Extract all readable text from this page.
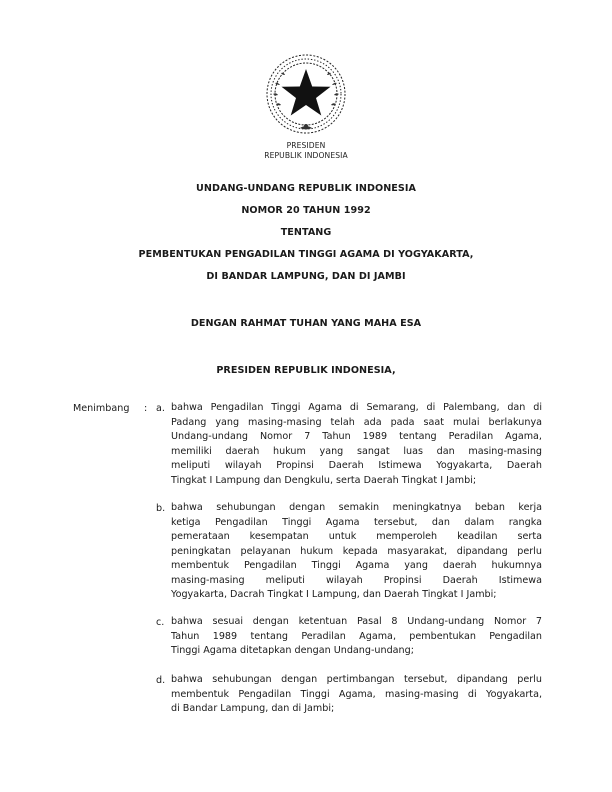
PRESIDEN
REPUBLIK INDONESIA
UNDANG-UNDANG REPUBLIK INDONESIA
NOMOR 20 TAHUN 1992
TENTANG
PEMBENTUKAN PENGADILAN TINGGI AGAMA DI YOGYAKARTA,
DI BANDAR LAMPUNG, DAN DI JAMBI
DENGAN RAHMAT TUHAN YANG MAHA ESA
PRESIDEN REPUBLIK INDONESIA,
Menimbang : a. bahwa Pengadilan Tinggi Agama di Semarang, di Palembang, dan di
Padang yang masing-masing telah ada pada saat mulai berlakunya
Undang-undang Nomor 7 Tahun 1989 tentang Peradilan Agama,
memiliki daerah hukum yang sangat luas dan masing-masing
meliputi wilayah Propinsi Daerah Istimewa Yogyakarta, Daerah
Tingkat I Lampung dan Dengkulu, serta Daerah Tingkat I Jambi;
b. bahwa sehubungan dengan semakin meningkatnya beban kerja
ketiga Pengadilan Tinggi Agama tersebut, dan dalam rangka
pemerataan kesempatan untuk memperoleh keadilan serta
peningkatan pelayanan hukum kepada masyarakat, dipandang perlu
membentuk Pengadilan Tinggi Agama yang daerah hukumnya
masing-masing meliputi wilayah Propinsi Daerah Istimewa
Yogyakarta, Dacrah Tingkat I Lampung, dan Daerah Tingkat I Jambi;
c. bahwa sesuai dengan ketentuan Pasal 8 Undang-undang Nomor 7
Tahun 1989 tentang Peradilan Agama, pembentukan Pengadilan
Tinggi Agama ditetapkan dengan Undang-undang;
d. bahwa sehubungan dengan pertimbangan tersebut, dipandang perlu
membentuk Pengadilan Tinggi Agama, masing-masing di Yogyakarta,
di Bandar Lampung, dan di Jambi;
